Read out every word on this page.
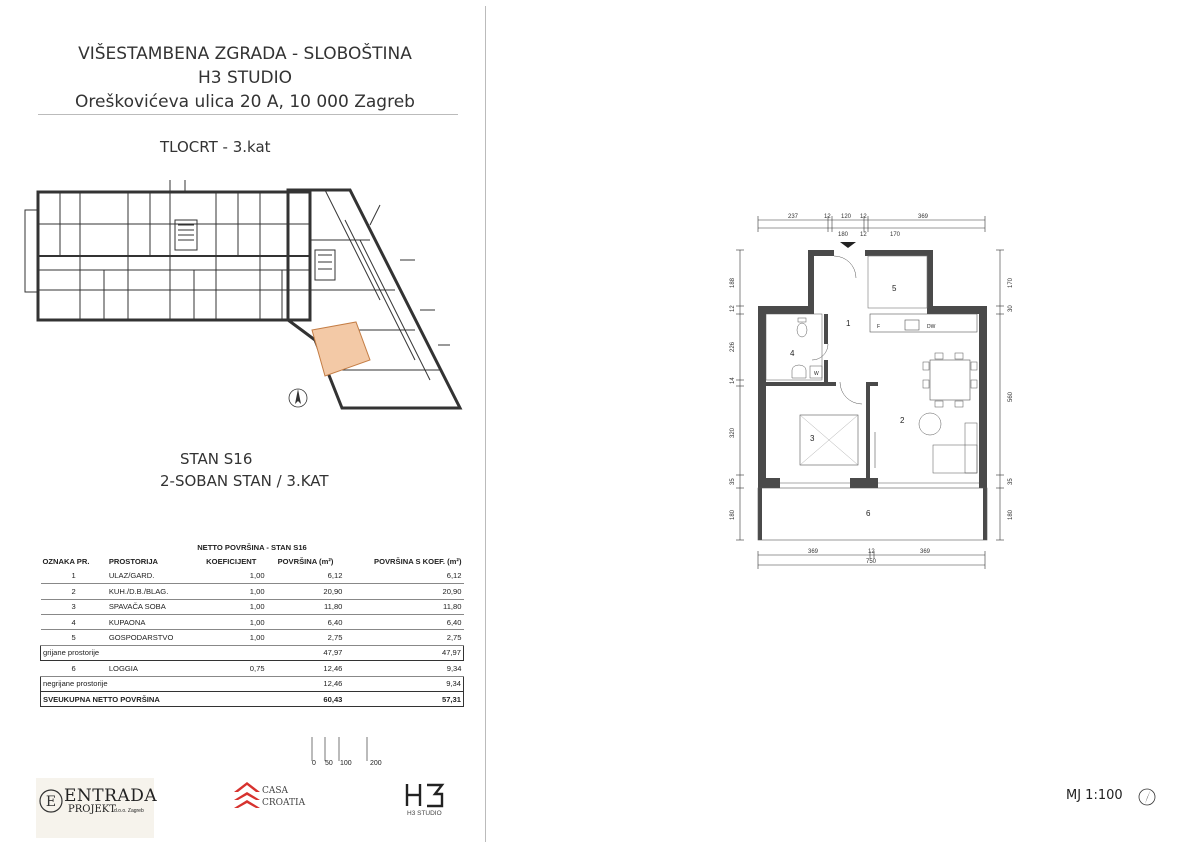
VIŠESTAMBENA ZGRADA - SLOBOŠTINA
H3 STUDIO
Oreškovićeva ulica 20 A, 10 000 Zagreb
TLOCRT - 3.kat
STAN S16
2-SOBAN STAN / 3.KAT
NETTO POVRŠINA - STAN S16				
OZNAKA PR.	PROSTORIJA	KOEFICIJENT	POVRŠINA (m²)	POVRŠINA S KOEF. (m²)
1	ULAZ/GARD.	1,00	6,12	6,12
2	KUH./D.B./BLAG.	1,00	20,90	20,90
3	SPAVAČA SOBA	1,00	11,80	11,80
4	KUPAONA	1,00	6,40	6,40
5	GOSPODARSTVO	1,00	2,75	2,75
grijane prostorije			47,97	47,97
6	LOGGIA	0,75	12,46	9,34
negrijane prostorije			12,46	9,34
SVEUKUPNA NETTO POVRŠINA			60,43	57,31
0 50 100	200
E ENTRADA
PROJEKT
d.o.o. Zagreb
CASA
CROATIA
H3 STUDIO
237	12 120 12	369
180 12	170
188
12
226
14
320
35
180
170
30
560
35
180
1
2
3
4
5
6
F	DW
W
369	12	369
750
MJ 1:100
